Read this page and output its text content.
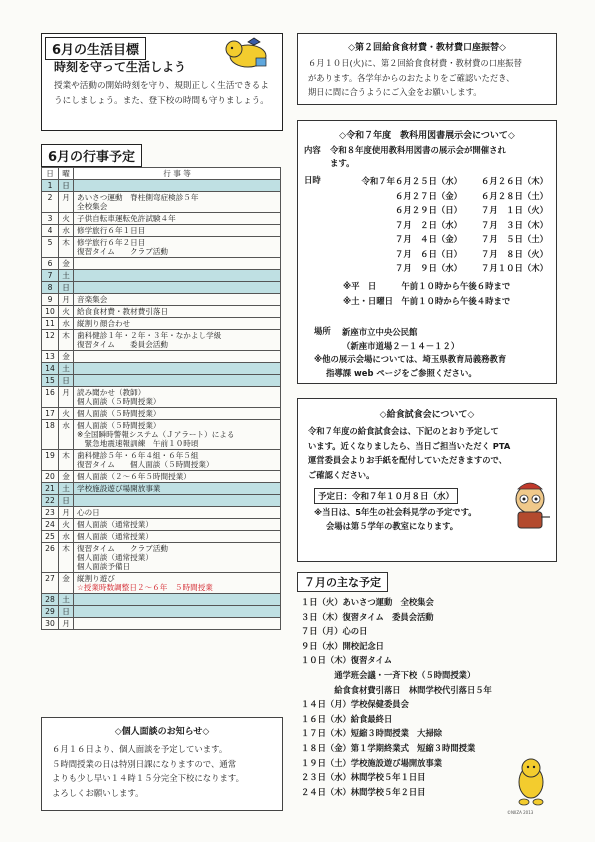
6月の生活目標
時刻を守って生活しよう
授業や活動の開始時刻を守り、規則正しく生活できるようにしましょう。また、登下校の時間も守りましょう。
6月の行事予定
日	曜	行 事 等
1	日	
2	月	あいさつ運動　脊柱側弯症検診５年
全校集会

3	火	子供自転車運転免許試験４年

4	水	修学旅行６年１日目

5	木	修学旅行６年２日目
復習タイム　　クラブ活動

6	金	
7	土	
8	日	
9	月	音楽集会

10	火	給食食材費・教材費引落日

11	水	縦割り顔合わせ

12	木	歯科健診１年・２年・３年・なかよし学級
復習タイム　　委員会活動

13	金	
14	土	
15	日	
16	月	読み聞かせ（教師）
個人面談（５時間授業）

17	火	個人面談（５時間授業）

18	水	個人面談（５時間授業）
※全国瞬時警報システム（Ｊアラート）による
　緊急地震速報訓練　午前１０時頃

19	木	歯科健診５年・６年４組・６年５組
復習タイム　　個人面談（５時間授業）

20	金	個人面談（２～６年５時間授業）

21	土	学校施設遊び場開放事業

22	日	
23	月	心の日

24	火	個人面談（通常授業）

25	水	個人面談（通常授業）

26	木	復習タイム　　クラブ活動
個人面談（通常授業）
個人面談予備日

27	金	縦割り遊び
☆授業時数調整日２～６年　５時間授業

28	土	
29	日	
30	月	
◇個人面談のお知らせ◇
６月１６日より、個人面談を予定しています。
５時間授業の日は特別日課になりますので、通常
よりも少し早い１４時１５分完全下校になります。
よろしくお願いします。
◇第２回給食食材費・教材費口座振替◇
６月１０日(火)に、第２回給食食材費・教材費の口座振替
があります。各学年からのおたよりをご確認いただき、
期日に間に合うようにご入金をお願いします。
◇令和７年度　教科用図書展示会について◇
内容 令和８年度使用教科用図書の展示会が開催され
ます。
日時	令和７年６月２５日（水）	６月２６日（木）
６月２７日（金）	６月２８日（土）
６月２９日（日）	７月　１日（火）
７月　２日（水）	７月　３日（木）
７月　４日（金）	７月　５日（土）
７月　６日（日）	７月　８日（火）
７月　９日（水）	７月１０日（木）
※平　日　　　午前１０時から午後６時まで
※土・日曜日　午前１０時から午後４時まで
場所 新座市立中央公民館
（新座市道場２－１４－１２）
※他の展示会場については、埼玉県教育局義務教育
指導課 web ページをご参照ください。
◇給食試食会について◇
令和７年度の給食試食会は、下記のとおり予定して
います。近くなりましたら、当日ご担当いただく PTA
運営委員会よりお手紙を配付していただきますので、
ご確認ください。
予定日：令和７年１０月８日（水）
※当日は、5年生の社会科見学の予定です。
会場は第５学年の教室になります。
７月の主な予定
１日（火）あいさつ運動　全校集会
３日（木）復習タイム　委員会活動
７日（月）心の日
９日（水）開校記念日
１０日（木）復習タイム
　　　　通学班会議・一斉下校（５時間授業）
　　　　給食食材費引落日　林間学校代引落日５年
１４日（月）学校保健委員会
１６日（水）給食最終日
１７日（木）短縮３時間授業　大掃除
１８日（金）第１学期終業式　短縮３時間授業
１９日（土）学校施設遊び場開放事業
２３日（水）林間学校５年１日目
２４日（木）林間学校５年２日目
©NIIZA 2013
